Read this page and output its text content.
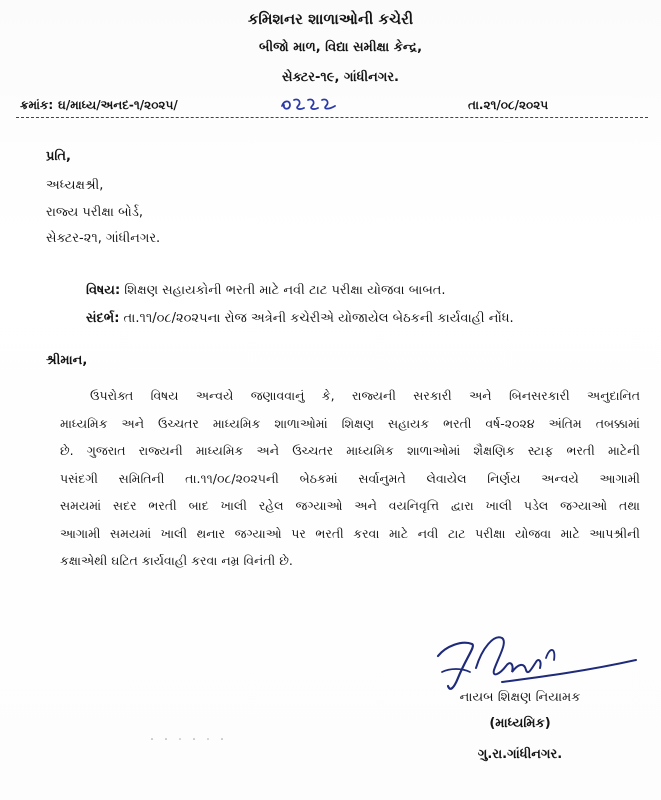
કમિશનર શાળાઓની કચેરી
બીજો માળ, વિદ્યા સમીક્ષા કેન્દ્ર,
સેક્ટર-૧૯, ગાંધીનગર.
ક્રમાંક: ઘ/માધ્ય/અનદ-૧/૨૦૨૫/	તા.૨૧/૦૮/૨૦૨૫
પ્રતિ,
અધ્યક્ષશ્રી,
રાજ્ય પરીક્ષા બોર્ડ,
સેક્ટર-૨૧, ગાંધીનગર.
વિષય: શિક્ષણ સહાયકોની ભરતી માટે નવી ટાટ પરીક્ષા યોજવા બાબત.
સંદર્ભ: તા.૧૧/૦૮/૨૦૨૫ના રોજ અત્રેની કચેરીએ યોજાયેલ બેઠકની કાર્યવાહી નોંધ.
શ્રીમાન,
ઉપરોક્ત વિષય અન્વયે જણાવવાનું કે, રાજ્યની સરકારી અને બિનસરકારી અનુદાનિત
માધ્યમિક અને ઉચ્ચતર માધ્યમિક શાળાઓમાં શિક્ષણ સહાયક ભરતી વર્ષ-૨૦૨૪ અંતિમ તબક્કામાં
છે. ગુજરાત રાજ્યની માધ્યમિક અને ઉચ્ચતર માધ્યમિક શાળાઓમાં શૈક્ષણિક સ્ટાફ ભરતી માટેની
પસંદગી સમિતિની તા.૧૧/૦૮/૨૦૨૫ની બેઠકમાં સર્વાનુમતે લેવાયેલ નિર્ણય અન્વયે આગામી
સમયમાં સદર ભરતી બાદ ખાલી રહેલ જગ્યાઓ અને વયનિવૃત્તિ દ્વારા ખાલી પડેલ જગ્યાઓ તથા
આગામી સમયમાં ખાલી થનાર જગ્યાઓ પર ભરતી કરવા માટે નવી ટાટ પરીક્ષા યોજવા માટે આપશ્રીની
કક્ષાએથી ઘટિત કાર્યવાહી કરવા નમ્ર વિનંતી છે.
નાયબ શિક્ષણ નિયામક
(માધ્યમિક)
ગુ.રા.ગાંધીનગર.
